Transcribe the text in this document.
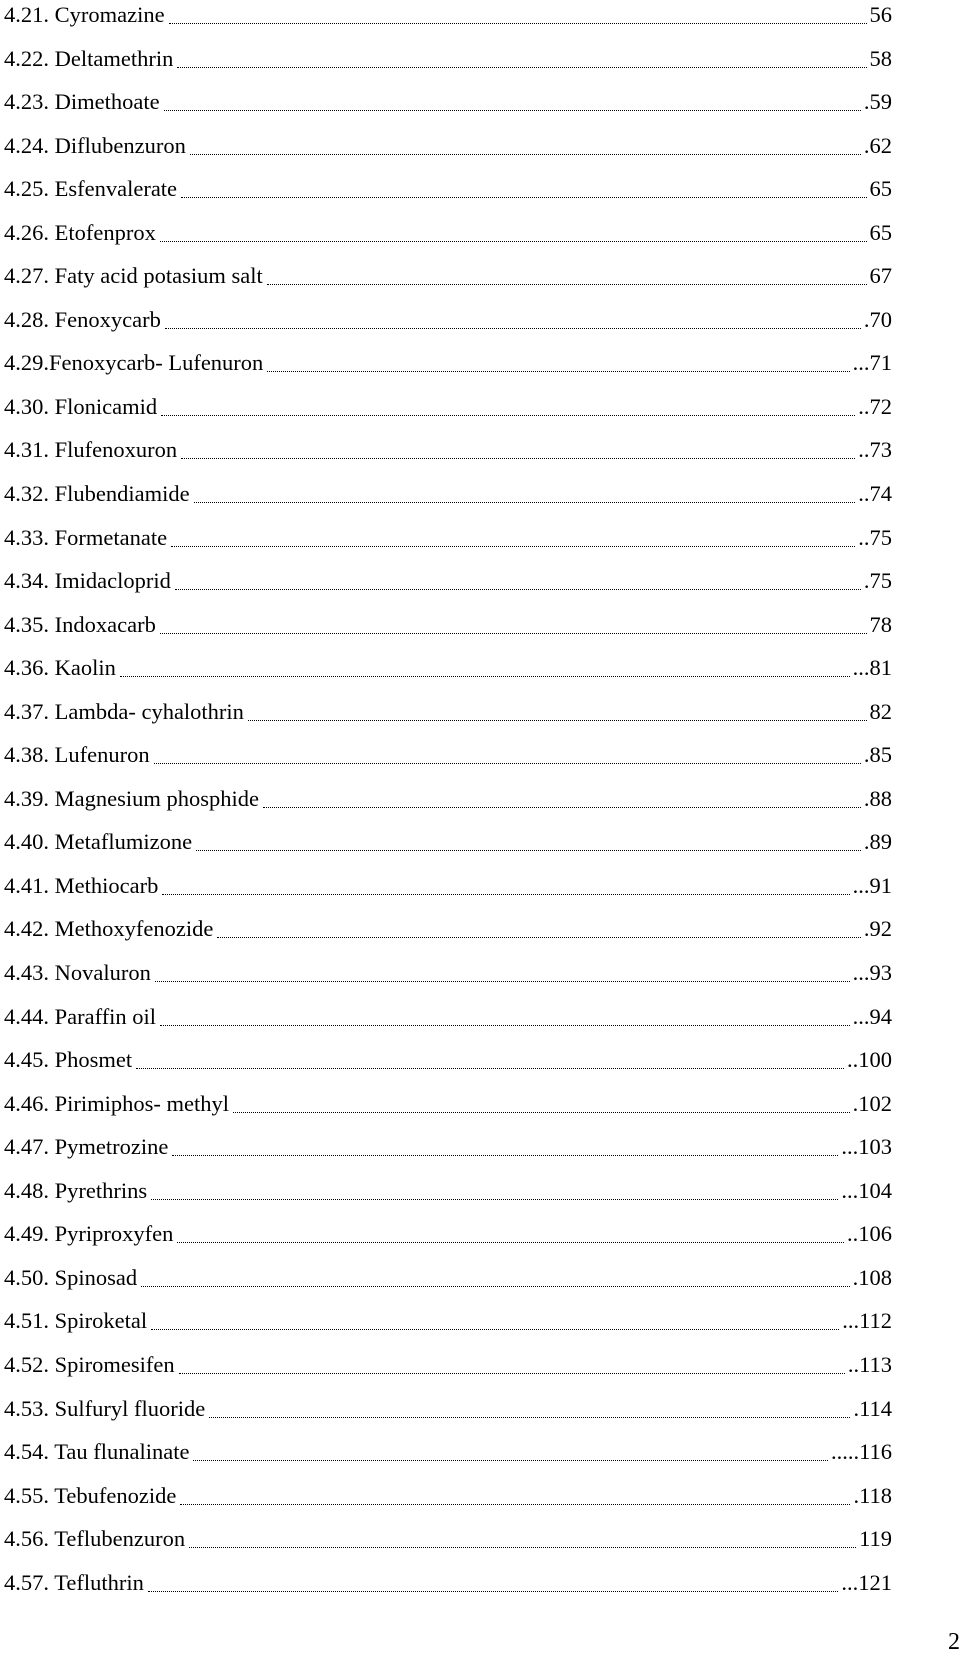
4.21. Cyromazine	56
4.22. Deltamethrin	58
4.23. Dimethoate	.59
4.24. Diflubenzuron	.62
4.25. Esfenvalerate	65
4.26. Etofenprox	65
4.27. Faty acid potasium salt	67
4.28. Fenoxycarb	.70
4.29.Fenoxycarb- Lufenuron	...71
4.30. Flonicamid	..72
4.31. Flufenoxuron	..73
4.32. Flubendiamide	..74
4.33. Formetanate	..75
4.34. Imidacloprid	.75
4.35. Indoxacarb	78
4.36. Kaolin	...81
4.37. Lambda- cyhalothrin	82
4.38. Lufenuron	.85
4.39. Magnesium phosphide	.88
4.40. Metaflumizone	.89
4.41. Methiocarb	...91
4.42. Methoxyfenozide	.92
4.43. Novaluron	...93
4.44. Paraffin oil	...94
4.45. Phosmet	..100
4.46. Pirimiphos- methyl	.102
4.47. Pymetrozine	...103
4.48. Pyrethrins	...104
4.49. Pyriproxyfen	..106
4.50. Spinosad	.108
4.51. Spiroketal	...112
4.52. Spiromesifen	..113
4.53. Sulfuryl fluoride	.114
4.54. Tau flunalinate	.....116
4.55. Tebufenozide	.118
4.56. Teflubenzuron	119
4.57. Tefluthrin	...121
2
